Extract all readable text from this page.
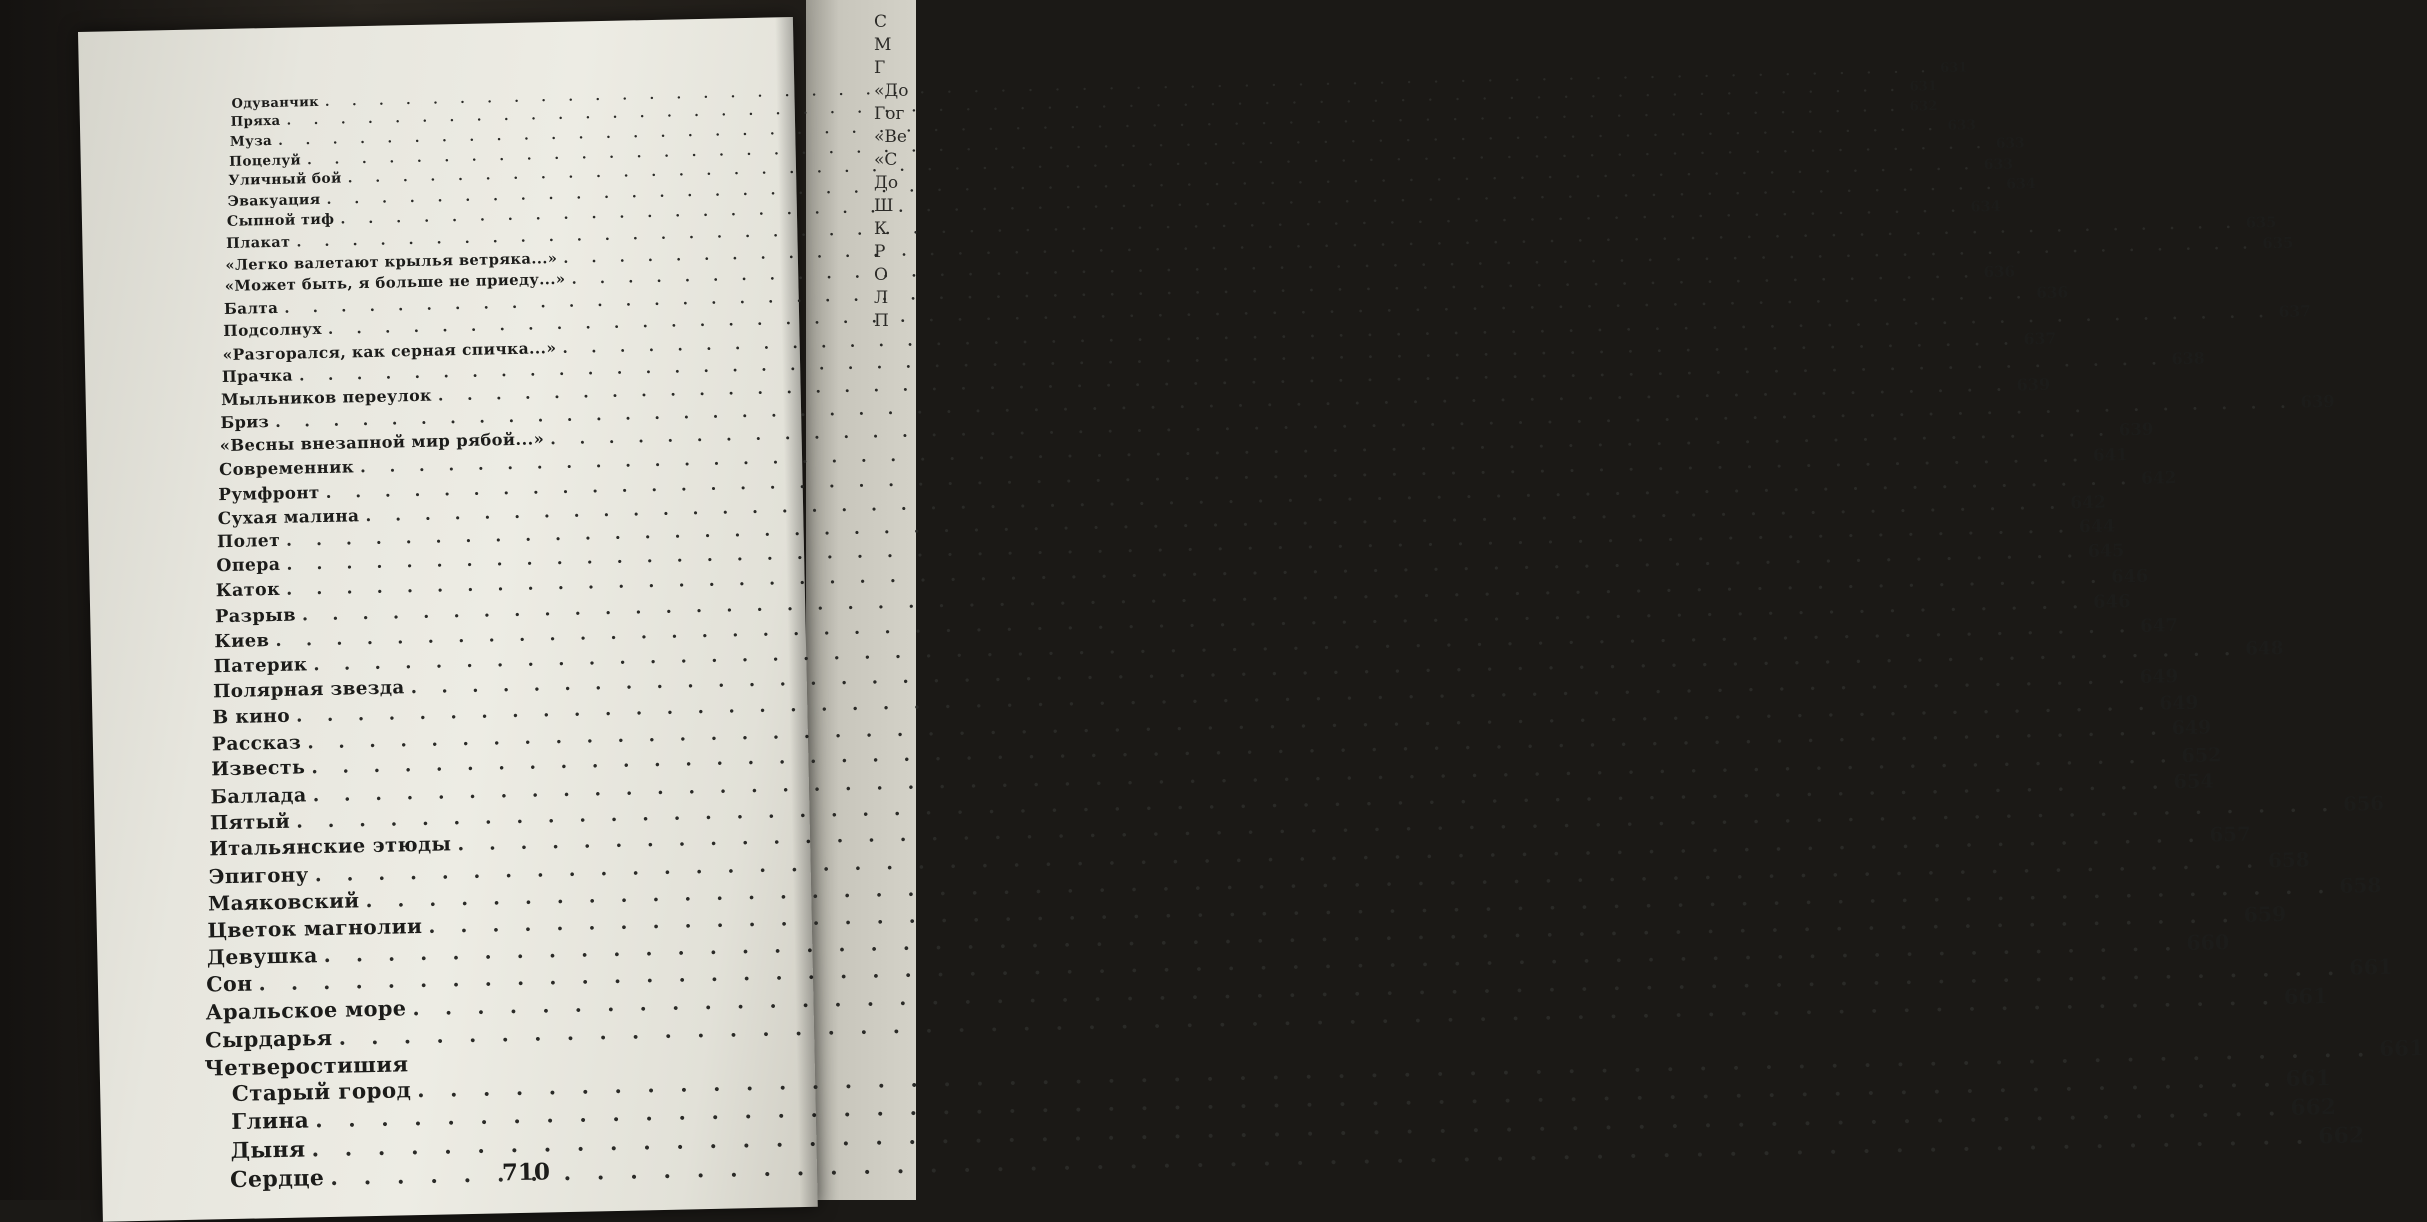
С
М
Г
«До
Гог
«Ве
«С
До
Ш
К
Р
О
Л
П
Одуванчик
. . .
631
Пряха
. . .
631
Муза
. . .
632
Поцелуй
. . .
633
Уличный бой
. . .
633
Эвакуация
. . .
633
Сыпной тиф
. . .
634
Плакат
. . .
634
«Легко валетают крылья ветряка...»
. . .
635
«Может быть, я больше не приеду...»
. . .
635
Балта
. . .
636
Подсолнух
. . .
636
«Разгорался, как серная спичка...»
. . .
637
Прачка
. . .
637
Мыльников переулок
. . .
638
Бриз
. . .
639
«Весны внезапной мир рябой...»
. . .
639
Современник
. . .
639
Румфронт
. . .
641
Сухая малина
. . .
642
Полет
. . .
642
Опера
. . .
644
Каток
. . .
645
Разрыв
. . .
646
Киев
. . .
646
Патерик
. . .
647
Полярная звезда
. . .
648
В кино
. . .
649
Рассказ
. . .
649
Известь
. . .
649
Баллада
. . .
652
Пятый
. . .
654
Итальянские этюды
. . .
656
Эпигону
. . .
657
Маяковский
. . .
658
Цветок магнолии
. . .
658
Девушка
. . .
659
Сон
. . .
660
Аральское море
. . .
661
Сырдарья
. . .
661
Четверостишия
Старый город
. . .
661
Глина
. . .
661
Дыня
. . .
662
Сердце
. . .
662
710
